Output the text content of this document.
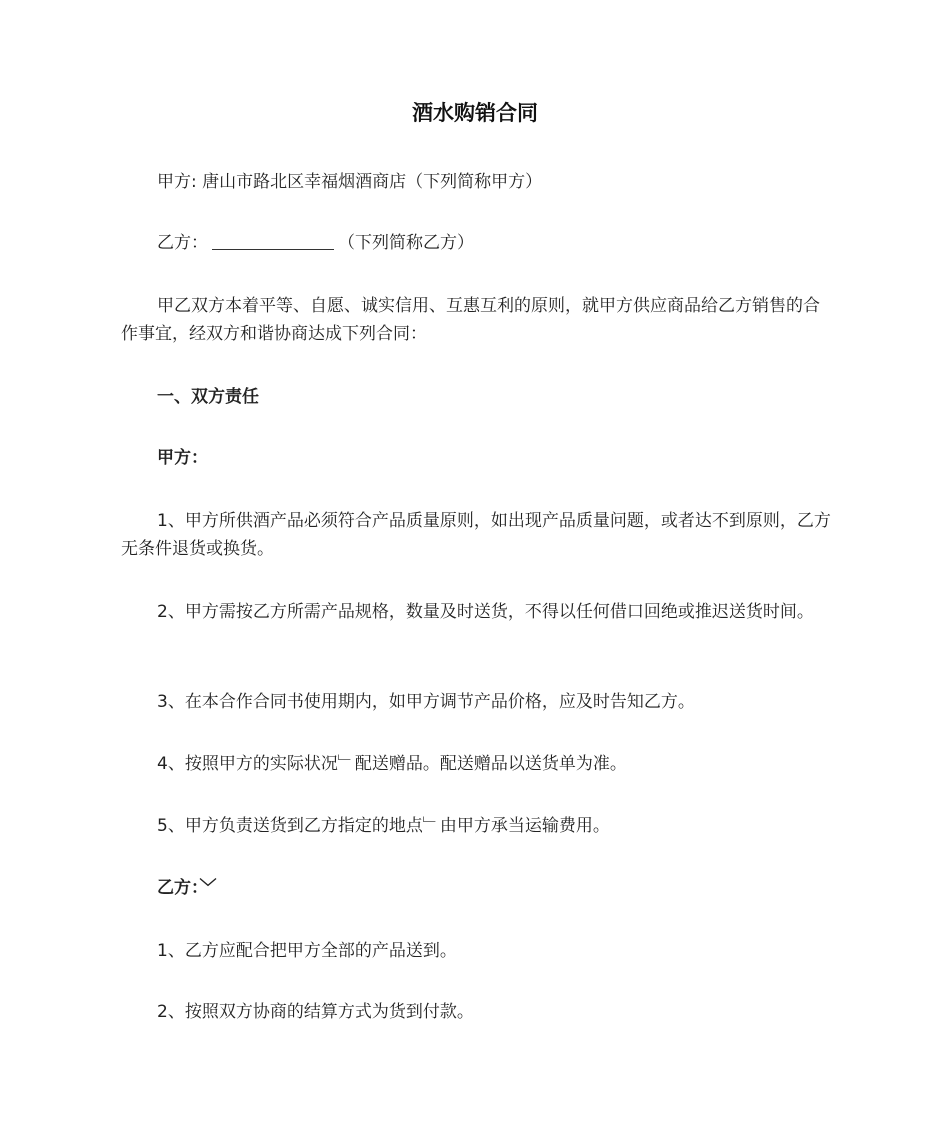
酒水购销合同

甲方: 唐山市路北区幸福烟酒商店（下列简称甲方）

乙方：	（下列简称乙方）

甲乙双方本着平等、自愿、诚实信用、互惠互利的原则，就甲方供应商品给乙方销售的合作事宜，经双方和谐协商达成下列合同：

一、双方责任

甲方：

1、甲方所供酒产品必须符合产品质量原则，如出现产品质量问题，或者达不到原则，乙方无条件退货或换货。

2、甲方需按乙方所需产品规格，数量及时送货，不得以任何借口回绝或推迟送货时间。

3、在本合作合同书使用期内，如甲方调节产品价格，应及时告知乙方。

4、按照甲方的实际状况﹂配送赠品。配送赠品以送货单为准。

5、甲方负责送货到乙方指定的地点﹂由甲方承当运输费用。

乙方：﹀

1、乙方应配合把甲方全部的产品送到。

2、按照双方协商的结算方式为货到付款。
